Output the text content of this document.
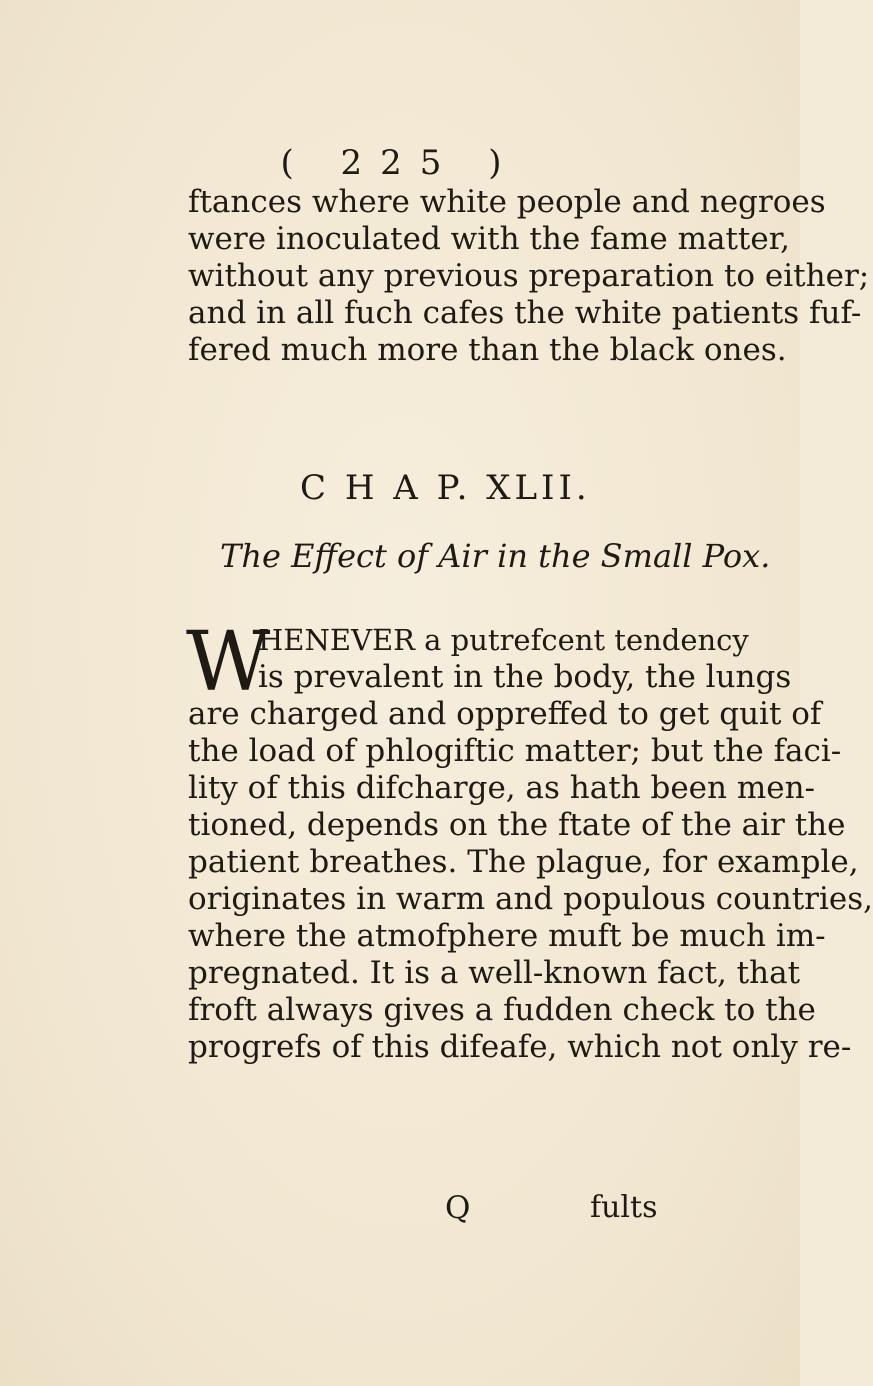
( 225 )
ftances where white people and negroes
were inoculated with the fame matter,
without any previous preparation to either;
and in all fuch cafes the white patients fuf-
fered much more than the black ones.
C H A P. XLII.
The Effect of Air in the Small Pox.
W
HENEVER a putrefcent tendency
is prevalent in the body, the lungs
are charged and oppreffed to get quit of
the load of phlogiftic matter; but the faci-
lity of this difcharge, as hath been men-
tioned, depends on the ftate of the air the
patient breathes. The plague, for example,
originates in warm and populous countries,
where the atmofphere muft be much im-
pregnated. It is a well-known fact, that
froft always gives a fudden check to the
progrefs of this difeafe, which not only re-
Q	fults
